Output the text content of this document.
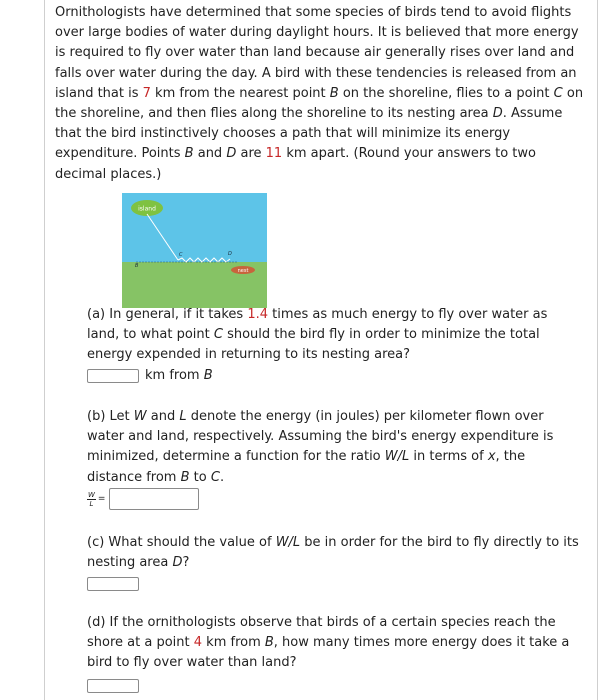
Ornithologists have determined that some species of birds tend to avoid flights over large bodies of water during daylight hours. It is believed that more energy is required to fly over water than land because air generally rises over land and falls over water during the day. A bird with these tendencies is released from an island that is 7 km from the nearest point B on the shoreline, flies to a point C on the shoreline, and then flies along the shoreline to its nesting area D. Assume that the bird instinctively chooses a path that will minimize its energy expenditure. Points B and D are 11 km apart. (Round your answers to two decimal places.)

island
B
C	D
nest

(a) In general, if it takes 1.4 times as much energy to fly over water as land, to what point C should the bird fly in order to minimize the total energy expended in returning to its nesting area?

km from B

(b) Let W and L denote the energy (in joules) per kilometer flown over water and land, respectively. Assuming the bird's energy expenditure is minimized, determine a function for the ratio W/L in terms of x, the distance from B to C.

$\frac{W}{L}$ =

(c) What should the value of W/L be in order for the bird to fly directly to its nesting area D?

(d) If the ornithologists observe that birds of a certain species reach the shore at a point 4 km from B, how many times more energy does it take a bird to fly over water than land?
